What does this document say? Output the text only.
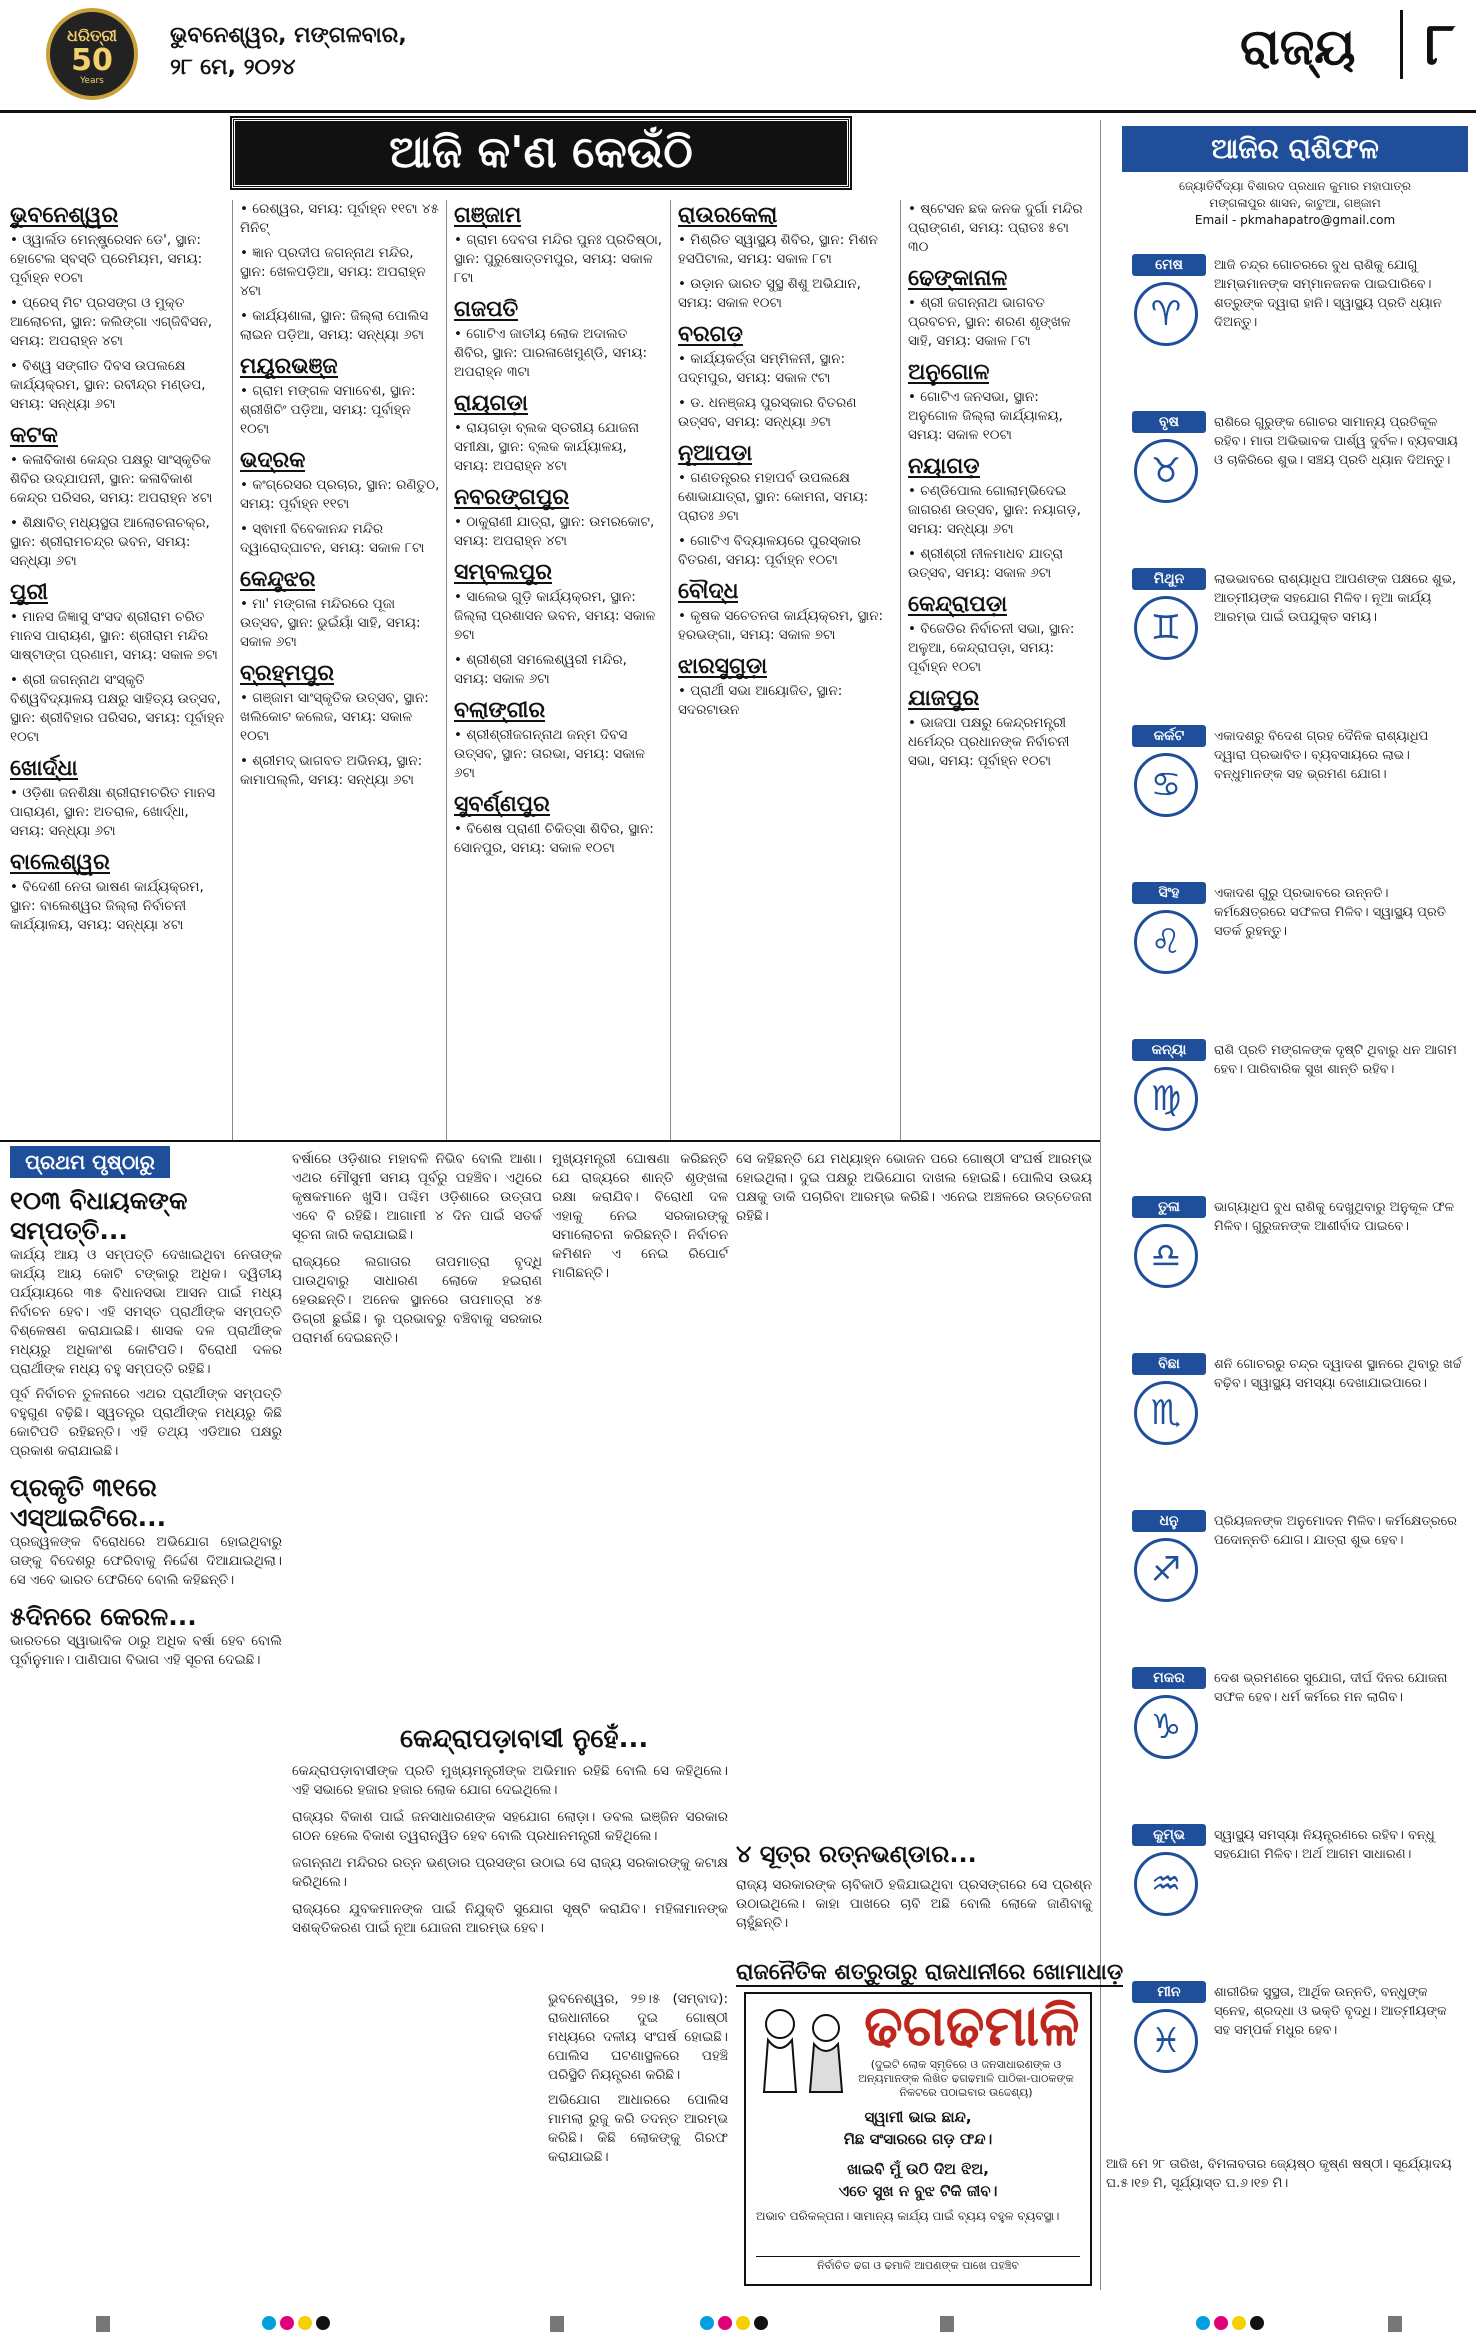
ଧରିତ୍ରୀ
50
Years
ଭୁବନେଶ୍ୱର, ମଙ୍ଗଳବାର,
୨୮ ମେ, ୨୦୨୪	ରାଜ୍ୟ	୮
ଆଜି କ'ଣ କେଉଁଠି
ଭୁବନେଶ୍ୱର

• ଓ୍ୱାର୍ଲଡ ମେନ୍‌ଷ୍ଟ୍ରେସନ ଡେ', ସ୍ଥାନ: ହୋଟେଲ ସ୍ବସ୍ତି ପ୍ରେମିୟମ, ସମୟ: ପୂର୍ବାହ୍ନ ୧୦ଟା

• ପ୍ରେସ୍ ମିଟ ପ୍ରସଙ୍ଗ ଓ ମୁକ୍ତ ଆଲୋଚନା, ସ୍ଥାନ: କଲିଙ୍ଗା ଏଗ୍ଜିବିସନ, ସମୟ: ଅପରାହ୍ନ ୪ଟା

• ବିଶ୍ୱ ସଙ୍ଗୀତ ଦିବସ ଉପଲକ୍ଷେ କାର୍ଯ୍ୟକ୍ରମ, ସ୍ଥାନ: ରବୀନ୍ଦ୍ର ମଣ୍ଡପ, ସମୟ: ସନ୍ଧ୍ୟା ୬ଟା

କଟକ

• କଳାବିକାଶ କେନ୍ଦ୍ର ପକ୍ଷରୁ ସାଂସ୍କୃତିକ ଶିବିର ଉଦ୍‌ଯାପନୀ, ସ୍ଥାନ: କଳାବିକାଶ କେନ୍ଦ୍ର ପରିସର, ସମୟ: ଅପରାହ୍ନ ୪ଟା

• ଶିକ୍ଷାବିତ୍ ମଧ୍ୟସ୍ଥତା ଆଲୋଚନାଚକ୍ର, ସ୍ଥାନ: ଶ୍ରୀରାମଚନ୍ଦ୍ର ଭବନ, ସମୟ: ସନ୍ଧ୍ୟା ୬ଟା

ପୁରୀ

• ମାନସ ଜିଜ୍ଞାସୁ ସଂସଦ ଶ୍ରୀରାମ ଚରିତ ମାନସ ପାରାୟଣ, ସ୍ଥାନ: ଶ୍ରୀରାମ ମନ୍ଦିର ସାଷ୍ଟାଙ୍ଗ ପ୍ରଣାମ, ସମୟ: ସକାଳ ୭ଟା

• ଶ୍ରୀ ଜଗନ୍ନାଥ ସଂସ୍କୃତି ବିଶ୍ୱବିଦ୍ୟାଳୟ ପକ୍ଷରୁ ସାହିତ୍ୟ ଉତ୍ସବ, ସ୍ଥାନ: ଶ୍ରୀବିହାର ପରିସର, ସମୟ: ପୂର୍ବାହ୍ନ ୧୦ଟା

ଖୋର୍ଦ୍ଧା

• ଓଡ଼ିଶା ଜନଶିକ୍ଷା ଶ୍ରୀରାମଚରିତ ମାନସ ପାରାୟଣ, ସ୍ଥାନ: ଅତରାଳ, ଖୋର୍ଦ୍ଧା, ସମୟ: ସନ୍ଧ୍ୟା ୬ଟା

ବାଲେଶ୍ୱର

• ବିଦେଶୀ ନେତା ଭାଷଣ କାର୍ଯ୍ୟକ୍ରମ, ସ୍ଥାନ: ବାଲେଶ୍ୱର ଜିଲ୍ଲା ନିର୍ବାଚନୀ କାର୍ଯ୍ୟାଳୟ, ସମୟ: ସନ୍ଧ୍ୟା ୪ଟା

• ରେଶ୍ୱର, ସମୟ: ପୂର୍ବାହ୍ନ ୧୧ଟା ୪୫ ମିନିଟ୍

• ଜ୍ଞାନ ପ୍ରଦୀପ ଜଗନ୍ନାଥ ମନ୍ଦିର, ସ୍ଥାନ: ଖେଳପଡ଼ିଆ, ସମୟ: ଅପରାହ୍ନ ୪ଟା

• କାର୍ଯ୍ୟଶାଳା, ସ୍ଥାନ: ଜିଲ୍ଲା ପୋଲିସ ଲାଇନ ପଡ଼ିଆ, ସମୟ: ସନ୍ଧ୍ୟା ୬ଟା

ମୟୂରଭଞ୍ଜ

• ଗ୍ରାମ ମଙ୍ଗଳ ସମାବେଶ, ସ୍ଥାନ: ଶ୍ରୀଖିଚିଂ ପଡ଼ିଆ, ସମୟ: ପୂର୍ବାହ୍ନ ୧୦ଟା

ଭଦ୍ରକ

• କଂଗ୍ରେସର ପ୍ରଚାର, ସ୍ଥାନ: ରଣିତୁଠ, ସମୟ: ପୂର୍ବାହ୍ନ ୧୧ଟା

• ସ୍ଵାମୀ ବିବେକାନନ୍ଦ ମନ୍ଦିର ଦ୍ୱାରୋଦ୍‌ଘାଟନ, ସମୟ: ସକାଳ ୮ଟା

କେନ୍ଦୁଝର

• ମା' ମଙ୍ଗଳା ମନ୍ଦିରରେ ପୂଜା ଉତ୍ସବ, ସ୍ଥାନ: ଭୁଇଁୟାଁ ସାହି, ସମୟ: ସକାଳ ୬ଟା

ବ୍ରହ୍ମପୁର

• ଗଞ୍ଜାମ ସାଂସ୍କୃତିକ ଉତ୍ସବ, ସ୍ଥାନ: ଖଲିକୋଟ କଲେଜ, ସମୟ: ସକାଳ ୧୦ଟା

• ଶ୍ରୀମଦ୍ ଭାଗବତ ଅଭିନୟ, ସ୍ଥାନ: କାମାପଲ୍ଲି, ସମୟ: ସନ୍ଧ୍ୟା ୬ଟା

ଗଞ୍ଜାମ

• ଗ୍ରାମ ଦେବତା ମନ୍ଦିର ପୁନଃ ପ୍ରତିଷ୍ଠା, ସ୍ଥାନ: ପୁରୁଷୋତ୍ତମପୁର, ସମୟ: ସକାଳ ୮ଟା

ଗଜପତି

• ଗୋଟିଏ ଜାତୀୟ ଲୋକ ଅଦାଲତ ଶିବିର, ସ୍ଥାନ: ପାରଳାଖେମୁଣ୍ଡି, ସମୟ: ଅପରାହ୍ନ ୩ଟା

ରାୟଗଡ଼ା

• ରାୟଗଡ଼ା ବ୍ଲକ ସ୍ତରୀୟ ଯୋଜନା ସମୀକ୍ଷା, ସ୍ଥାନ: ବ୍ଲକ କାର୍ଯ୍ୟାଳୟ, ସମୟ: ଅପରାହ୍ନ ୪ଟା

ନବରଙ୍ଗପୁର

• ଠାକୁରାଣୀ ଯାତ୍ରା, ସ୍ଥାନ: ଉମରକୋଟ, ସମୟ: ଅପରାହ୍ନ ୪ଟା

ସମ୍ବଲପୁର

• ସାଲେଭ ଗୁଡ଼ି କାର୍ଯ୍ୟକ୍ରମ, ସ୍ଥାନ: ଜିଲ୍ଲା ପ୍ରଶାସନ ଭବନ, ସମୟ: ସକାଳ ୭ଟା

• ଶ୍ରୀଶ୍ରୀ ସମଲେଶ୍ୱରୀ ମନ୍ଦିର, ସମୟ: ସକାଳ ୬ଟା

ବଲାଙ୍ଗୀର

• ଶ୍ରୀଶ୍ରୀଜଗନ୍ନାଥ ଜନ୍ମ ଦିବସ ଉତ୍ସବ, ସ୍ଥାନ: ତାରଭା, ସମୟ: ସକାଳ ୬ଟା

ସୁବର୍ଣ୍ଣପୁର

• ବିଶେଷ ପ୍ରାଣୀ ଚିକିତ୍ସା ଶିବିର, ସ୍ଥାନ: ସୋନପୁର, ସମୟ: ସକାଳ ୧୦ଟା

ରାଉରକେଲା

• ମିଶ୍ରିତ ସ୍ୱାସ୍ଥ୍ୟ ଶିବିର, ସ୍ଥାନ: ମିଶନ ହସପିଟାଲ, ସମୟ: ସକାଳ ୮ଟା

• ଉଡ଼ାନ ଭାରତ ସୁସ୍ଥ ଶିଶୁ ଅଭିଯାନ, ସମୟ: ସକାଳ ୧୦ଟା

ବରଗଡ଼

• କାର୍ଯ୍ୟକର୍ତ୍ତା ସମ୍ମିଳନୀ, ସ୍ଥାନ: ପଦ୍ମପୁର, ସମୟ: ସକାଳ ୯ଟା

• ଡ. ଧନଞ୍ଜୟ ପୁରସ୍କାର ବିତରଣ ଉତ୍ସବ, ସମୟ: ସନ୍ଧ୍ୟା ୬ଟା

ନୂଆପଡ଼ା

• ଗଣତନ୍ତ୍ରର ମହାପର୍ବ ଉପଲକ୍ଷେ ଶୋଭାଯାତ୍ରା, ସ୍ଥାନ: କୋମନା, ସମୟ: ପ୍ରାତଃ ୬ଟା

• ଗୋଟିଏ ବିଦ୍ୟାଳୟରେ ପୁରସ୍କାର ବିତରଣ, ସମୟ: ପୂର୍ବାହ୍ନ ୧୦ଟା

ବୌଦ୍ଧ

• କୃଷକ ସଚେତନତା କାର୍ଯ୍ୟକ୍ରମ, ସ୍ଥାନ: ହରଭଙ୍ଗା, ସମୟ: ସକାଳ ୭ଟା

ଝାରସୁଗୁଡ଼ା

• ପ୍ରାର୍ଥୀ ସଭା ଆୟୋଜିତ, ସ୍ଥାନ: ସଦରଟାଉନ

• ଷ୍ଟେସନ ଛକ କନକ ଦୁର୍ଗା ମନ୍ଦିର ପ୍ରାଙ୍ଗଣ, ସମୟ: ପ୍ରାତଃ ୫ଟା ୩୦

ଢେଙ୍କାନାଳ

• ଶ୍ରୀ ଜଗନ୍ନାଥ ଭାଗବତ ପ୍ରବଚନ, ସ୍ଥାନ: ଶରଣ ଶୃଙ୍ଖଳ ସାହି, ସମୟ: ସକାଳ ୮ଟା

ଅନୁଗୋଳ

• ଗୋଟିଏ ଜନସଭା, ସ୍ଥାନ: ଅନୁଗୋଳ ଜିଲ୍ଲା କାର୍ଯ୍ୟାଳୟ, ସମୟ: ସକାଳ ୧୦ଟା

ନୟାଗଡ଼

• ଚଣ୍ଡିପୋଲ ଗୋଲାମ୍ଭିଦେଇ ଜାଗରଣ ଉତ୍ସବ, ସ୍ଥାନ: ନୟାଗଡ଼, ସମୟ: ସନ୍ଧ୍ୟା ୬ଟା

• ଶ୍ରୀଶ୍ରୀ ନୀଳମାଧବ ଯାତ୍ରା ଉତ୍ସବ, ସମୟ: ସକାଳ ୬ଟା

କେନ୍ଦ୍ରାପଡ଼ା

• ବିଜେଡିର ନିର୍ବାଚନୀ ସଭା, ସ୍ଥାନ: ଅଳୁଆ, କେନ୍ଦ୍ରାପଡ଼ା, ସମୟ: ପୂର୍ବାହ୍ନ ୧୦ଟା

ଯାଜପୁର

• ଭାଜପା ପକ୍ଷରୁ କେନ୍ଦ୍ରମନ୍ତ୍ରୀ ଧର୍ମେନ୍ଦ୍ର ପ୍ରଧାନଙ୍କ ନିର୍ବାଚନୀ ସଭା, ସମୟ: ପୂର୍ବାହ୍ନ ୧୦ଟା

ଆଜିର ରାଶିଫଳ
ଜ୍ୟୋତିର୍ବିଦ୍ୟା ବିଶାରଦ ପ୍ରଧାନ କୁମାର ମହାପାତ୍ର
ମଙ୍ଗଳାପୁର ଶାସନ, କାଟୁଆ, ଗଞ୍ଜାମ
Email - pkmahapatro@gmail.com
ମେଷ
♈
ଆଜି ଚନ୍ଦ୍ର ଗୋଚରରେ ବୁଧ ରାଶିକୁ ଯୋଗୁ ଆମ୍ଭମାନଙ୍କ ସମ୍ମାନଜନକ ପାଇପାରିବେ। ଶତ୍ରୁଙ୍କ ଦ୍ୱାରା ହାନି। ସ୍ୱାସ୍ଥ୍ୟ ପ୍ରତି ଧ୍ୟାନ ଦିଅନ୍ତୁ।
ବୃଷ
♉
ରାଶିରେ ଗୁରୁଙ୍କ ଗୋଚର ସାମାନ୍ୟ ପ୍ରତିକୂଳ ରହିବ। ମାତା ଅଭିଭାବକ ପାର୍ଶ୍ୱ ଦୁର୍ବଳ। ବ୍ୟବସାୟ ଓ ଚାକିରିରେ ଶୁଭ। ସଞ୍ଚୟ ପ୍ରତି ଧ୍ୟାନ ଦିଅନ୍ତୁ।
ମିଥୁନ
♊
ଲାଭଭାବରେ ରାଶ୍ୟାଧିପ ଆପଣଙ୍କ ପକ୍ଷରେ ଶୁଭ, ଆତ୍ମୀୟଙ୍କ ସହଯୋଗ ମିଳିବ। ନୂଆ କାର୍ଯ୍ୟ ଆରମ୍ଭ ପାଇଁ ଉପଯୁକ୍ତ ସମୟ।
କର୍କଟ
♋
ଏକାଦଶରୁ ବିଦେଶ ଗ୍ରହ ଦୈନିକ ରାଶ୍ୟାଧିପ ଦ୍ୱାରା ପ୍ରଭାବିତ। ବ୍ୟବସାୟରେ ଲାଭ। ବନ୍ଧୁମାନଙ୍କ ସହ ଭ୍ରମଣ ଯୋଗ।
ସିଂହ
♌
ଏକାଦଶ ଗୁରୁ ପ୍ରଭାବରେ ଉନ୍ନତି। କର୍ମକ୍ଷେତ୍ରରେ ସଫଳତା ମିଳିବ। ସ୍ୱାସ୍ଥ୍ୟ ପ୍ରତି ସତର୍କ ରୁହନ୍ତୁ।
କନ୍ୟା
♍
ରାଶି ପ୍ରତି ମଙ୍ଗଳଙ୍କ ଦୃଷ୍ଟି ଥିବାରୁ ଧନ ଆଗମ ହେବ। ପାରିବାରିକ ସୁଖ ଶାନ୍ତି ରହିବ।
ତୁଳା
♎
ଭାଗ୍ୟାଧିପ ବୁଧ ରାଶିକୁ ଦେଖୁଥିବାରୁ ଅନୁକୂଳ ଫଳ ମିଳିବ। ଗୁରୁଜନଙ୍କ ଆଶୀର୍ବାଦ ପାଇବେ।
ବିଛା
♏
ଶନି ଗୋଚରରୁ ଚନ୍ଦ୍ର ଦ୍ୱାଦଶ ସ୍ଥାନରେ ଥିବାରୁ ଖର୍ଚ୍ଚ ବଢ଼ିବ। ସ୍ୱାସ୍ଥ୍ୟ ସମସ୍ୟା ଦେଖାଯାଇପାରେ।
ଧନୁ
♐
ପ୍ରିୟଜନଙ୍କ ଅନୁମୋଦନ ମିଳିବ। କର୍ମକ୍ଷେତ୍ରରେ ପଦୋନ୍ନତି ଯୋଗ। ଯାତ୍ରା ଶୁଭ ହେବ।
ମକର
♑
ଦେଶ ଭ୍ରମଣରେ ସୁଯୋଗ, ଦୀର୍ଘ ଦିନର ଯୋଜନା ସଫଳ ହେବ। ଧର୍ମ କର୍ମରେ ମନ ଲାଗିବ।
କୁମ୍ଭ
♒
ସ୍ୱାସ୍ଥ୍ୟ ସମସ୍ୟା ନିୟନ୍ତ୍ରଣରେ ରହିବ। ବନ୍ଧୁ ସହଯୋଗ ମିଳିବ। ଅର୍ଥ ଆଗମ ସାଧାରଣ।
ମୀନ
♓
ଶାରୀରିକ ସୁସ୍ଥତା, ଆର୍ଥିକ ଉନ୍ନତି, ବନ୍ଧୁଙ୍କ ସ୍ନେହ, ଶ୍ରଦ୍ଧା ଓ ଭକ୍ତି ବୃଦ୍ଧି। ଆତ୍ମୀୟଙ୍କ ସହ ସମ୍ପର୍କ ମଧୁର ହେବ।
ଆଜି ମେ ୨୮ ତାରିଖ, ବିମଳାବତାର ଜ୍ୟେଷ୍ଠ କୃଷ୍ଣ ଷଷ୍ଠୀ। ସୂର୍ଯ୍ୟୋଦୟ ଘ.୫।୧୭ ମି, ସୂର୍ଯ୍ୟାସ୍ତ ଘ.୬।୧୭ ମି।
ପ୍ରଥମ ପୃଷ୍ଠାରୁ
୧୦୩ ବିଧାୟକଙ୍କ ସମ୍ପତ୍ତି...
କାର୍ଯ୍ୟ ଆୟ ଓ ସମ୍ପତ୍ତି ଦେଖାଇଥିବା ନେତାଙ୍କ କାର୍ଯ୍ୟ ଆୟ କୋଟି ଟଙ୍କାରୁ ଅଧିକ। ଦ୍ୱିତୀୟ ପର୍ଯ୍ୟାୟରେ ୩୫ ବିଧାନସଭା ଆସନ ପାଇଁ ମଧ୍ୟ ନିର୍ବାଚନ ହେବ। ଏହି ସମସ୍ତ ପ୍ରାର୍ଥୀଙ୍କ ସମ୍ପତ୍ତି ବିଶ୍ଳେଷଣ କରାଯାଇଛି। ଶାସକ ଦଳ ପ୍ରାର୍ଥୀଙ୍କ ମଧ୍ୟରୁ ଅଧିକାଂଶ କୋଟିପତି। ବିରୋଧୀ ଦଳର ପ୍ରାର୍ଥୀଙ୍କ ମଧ୍ୟ ବହୁ ସମ୍ପତ୍ତି ରହିଛି।
ପୂର୍ବ ନିର୍ବାଚନ ତୁଳନାରେ ଏଥର ପ୍ରାର୍ଥୀଙ୍କ ସମ୍ପତ୍ତି ବହୁଗୁଣ ବଢ଼ିଛି। ସ୍ୱତନ୍ତ୍ର ପ୍ରାର୍ଥୀଙ୍କ ମଧ୍ୟରୁ କିଛି କୋଟିପତି ରହିଛନ୍ତି। ଏହି ତଥ୍ୟ ଏଡିଆର ପକ୍ଷରୁ ପ୍ରକାଶ କରାଯାଇଛି।
ପ୍ରକୃତି ୩୧ରେ ଏସ୍‌ଆଇଟିରେ...
ପ୍ରଜ୍ୱଳଙ୍କ ବିରୋଧରେ ଅଭିଯୋଗ ହୋଇଥିବାରୁ ତାଙ୍କୁ ବିଦେଶରୁ ଫେରିବାକୁ ନିର୍ଦ୍ଦେଶ ଦିଆଯାଇଥିଲା। ସେ ଏବେ ଭାରତ ଫେରିବେ ବୋଲି କହିଛନ୍ତି।
୫ଦିନରେ କେରଳ...
ଭାରତରେ ସ୍ୱାଭାବିକ ଠାରୁ ଅଧିକ ବର୍ଷା ହେବ ବୋଲି ପୂର୍ବାନୁମାନ। ପାଣିପାଗ ବିଭାଗ ଏହି ସୂଚନା ଦେଇଛି।
ବର୍ଷାରେ ଓଡ଼ିଶାର ମହାବଳି ନିଭିବ ବୋଲି ଆଶା। ଏଥର ମୌସୁମୀ ସମୟ ପୂର୍ବରୁ ପହଞ୍ଚିବ। ଏଥିରେ କୃଷକମାନେ ଖୁସି। ପଶ୍ଚିମ ଓଡ଼ିଶାରେ ଉତ୍ତାପ ଏବେ ବି ରହିଛି। ଆଗାମୀ ୪ ଦିନ ପାଇଁ ସତର୍କ ସୂଚନା ଜାରି କରାଯାଇଛି।
ରାଜ୍ୟରେ ଲଗାତାର ତାପମାତ୍ରା ବୃଦ୍ଧି ପାଉଥିବାରୁ ସାଧାରଣ ଲୋକେ ହଇରାଣ ହେଉଛନ୍ତି। ଅନେକ ସ୍ଥାନରେ ତାପମାତ୍ରା ୪୫ ଡିଗ୍ରୀ ଛୁଇଁଛି। ଲୁ ପ୍ରଭାବରୁ ବଞ୍ଚିବାକୁ ସରକାର ପରାମର୍ଶ ଦେଇଛନ୍ତି।
ମୁଖ୍ୟମନ୍ତ୍ରୀ ଘୋଷଣା କରିଛନ୍ତି ଯେ ରାଜ୍ୟରେ ଶାନ୍ତି ଶୃଙ୍ଖଳା ରକ୍ଷା କରାଯିବ। ବିରୋଧୀ ଦଳ ଏହାକୁ ନେଇ ସରକାରଙ୍କୁ ସମାଲୋଚନା କରିଛନ୍ତି। ନିର୍ବାଚନ କମିଶନ ଏ ନେଇ ରିପୋର୍ଟ ମାଗିଛନ୍ତି।
କେନ୍ଦ୍ରାପଡ଼ାବାସୀ ନୁହେଁ...
କେନ୍ଦ୍ରାପଡ଼ାବାସୀଙ୍କ ପ୍ରତି ମୁଖ୍ୟମନ୍ତ୍ରୀଙ୍କ ଅଭିମାନ ରହିଛି ବୋଲି ସେ କହିଥିଲେ। ଏହି ସଭାରେ ହଜାର ହଜାର ଲୋକ ଯୋଗ ଦେଇଥିଲେ।
ରାଜ୍ୟର ବିକାଶ ପାଇଁ ଜନସାଧାରଣଙ୍କ ସହଯୋଗ ଲୋଡ଼ା। ଡବଲ ଇଞ୍ଜିନ ସରକାର ଗଠନ ହେଲେ ବିକାଶ ତ୍ୱରାନ୍ୱିତ ହେବ ବୋଲି ପ୍ରଧାନମନ୍ତ୍ରୀ କହିଥିଲେ।
ଜଗନ୍ନାଥ ମନ୍ଦିରର ରତ୍ନ ଭଣ୍ଡାର ପ୍ରସଙ୍ଗ ଉଠାଇ ସେ ରାଜ୍ୟ ସରକାରଙ୍କୁ କଟାକ୍ଷ କରିଥିଲେ।
ରାଜ୍ୟରେ ଯୁବକମାନଙ୍କ ପାଇଁ ନିଯୁକ୍ତି ସୁଯୋଗ ସୃଷ୍ଟି କରାଯିବ। ମହିଳାମାନଙ୍କ ସଶକ୍ତିକରଣ ପାଇଁ ନୂଆ ଯୋଜନା ଆରମ୍ଭ ହେବ।
ସେ କହିଛନ୍ତି ଯେ ମଧ୍ୟାହ୍ନ ଭୋଜନ ପରେ ଗୋଷ୍ଠୀ ସଂଘର୍ଷ ଆରମ୍ଭ ହୋଇଥିଲା। ଦୁଇ ପକ୍ଷରୁ ଅଭିଯୋଗ ଦାଖଲ ହୋଇଛି। ପୋଲିସ ଉଭୟ ପକ୍ଷକୁ ଡାକି ପଚାରିବା ଆରମ୍ଭ କରିଛି। ଏନେଇ ଅଞ୍ଚଳରେ ଉତ୍ତେଜନା ରହିଛି।
୪ ସୂତ୍ର ରତ୍ନଭଣ୍ଡାର...
ରାଜ୍ୟ ସରକାରଙ୍କ ଚାବିକାଠି ହଜିଯାଇଥିବା ପ୍ରସଙ୍ଗରେ ସେ ପ୍ରଶ୍ନ ଉଠାଇଥିଲେ। କାହା ପାଖରେ ଚାବି ଅଛି ବୋଲି ଲୋକେ ଜାଣିବାକୁ ଚାହୁଁଛନ୍ତି।
ରାଜନୈତିକ ଶତ୍ରୁତାରୁ ରାଜଧାନୀରେ ଖୋମାଧାଡ଼
ଭୁବନେଶ୍ୱର, ୨୭।୫ (ସମ୍ବାଦ): ରାଜଧାନୀରେ ଦୁଇ ଗୋଷ୍ଠୀ ମଧ୍ୟରେ ଦଳୀୟ ସଂଘର୍ଷ ହୋଇଛି। ପୋଲିସ ଘଟଣାସ୍ଥଳରେ ପହଞ୍ଚି ପରିସ୍ଥିତି ନିୟନ୍ତ୍ରଣ କରିଛି।
ଅଭିଯୋଗ ଆଧାରରେ ପୋଲିସ ମାମଲା ରୁଜୁ କରି ତଦନ୍ତ ଆରମ୍ଭ କରିଛି। କିଛି ଲୋକଙ୍କୁ ଗିରଫ କରାଯାଇଛି।
ଢଗଢମାଳି
(ଦୁଇଟି ଲୋକ ସ୍ମୃତିରେ ଓ ଜନସାଧାରଣଙ୍କ ଓ ଅନ୍ୟମାନଙ୍କ ଲିଖିତ ଢଗଢମାଳି ପାଠିକା-ପାଠକଙ୍କ ନିକଟରେ ପଠାଇବାର ଉଦ୍ଦେଶ୍ୟ)
ସ୍ୱାମୀ ଭାଇ ଛାନ୍ଦ,
ମିଛ ସଂସାରରେ ଗଡ଼ ଫନ୍ଦ।
ଖାଇବି ମୁଁ ଉଠି ଦିଅ ଝିଅ,
ଏତେ ସୁଖ ନ ବୁଝ ଟିକି ଜୀବ।
ଅଭାବ ପରିକଳ୍ପନା। ସାମାନ୍ୟ କାର୍ଯ୍ୟ ପାଇଁ ବ୍ୟୟ ବହୁଳ ବ୍ୟବସ୍ଥା।
ନିର୍ବାଚିତ ଢଗ ଓ ଢମାଳି ଆପଣଙ୍କ ପାଖେ ପହଞ୍ଚିବ
